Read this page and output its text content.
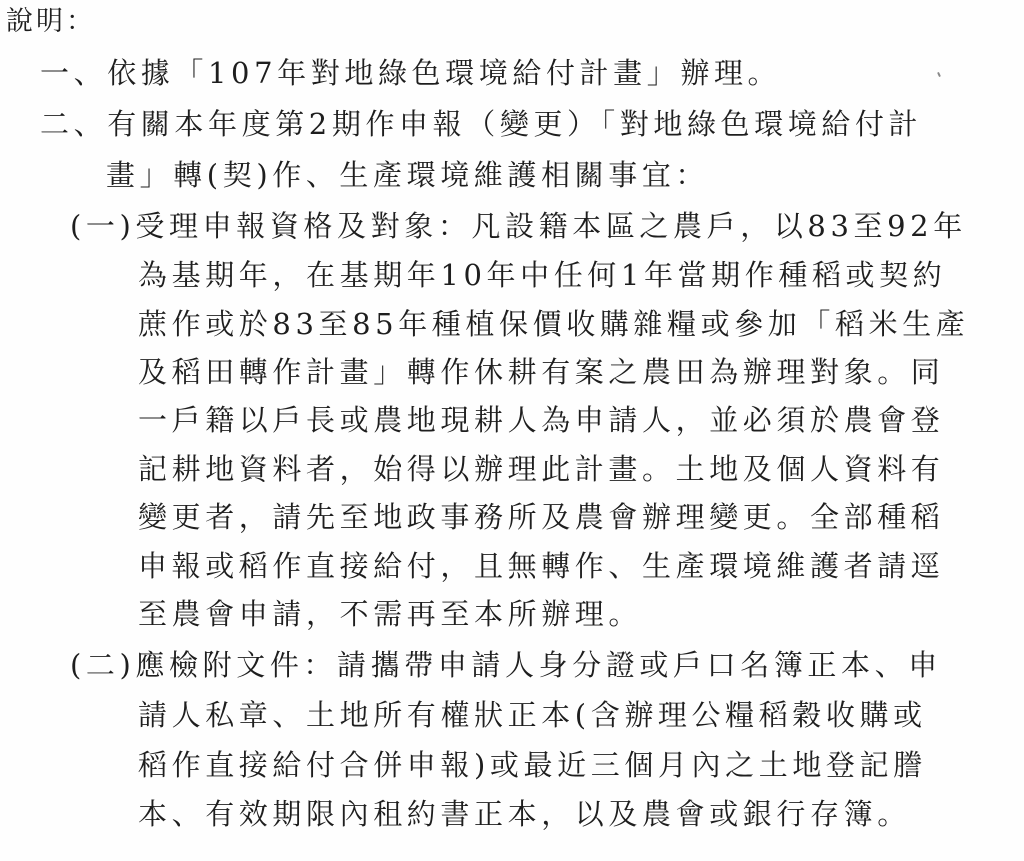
說明：
一、依據「107年對地綠色環境給付計畫」辦理。
二、有關本年度第2期作申報（變更）「對地綠色環境給付計
畫」轉(契)作、生產環境維護相關事宜：
(一)受理申報資格及對象：凡設籍本區之農戶，以83至92年
為基期年，在基期年10年中任何1年當期作種稻或契約
蔗作或於83至85年種植保價收購雜糧或參加「稻米生產
及稻田轉作計畫」轉作休耕有案之農田為辦理對象。同
一戶籍以戶長或農地現耕人為申請人，並必須於農會登
記耕地資料者，始得以辦理此計畫。土地及個人資料有
變更者，請先至地政事務所及農會辦理變更。全部種稻
申報或稻作直接給付，且無轉作、生產環境維護者請逕
至農會申請，不需再至本所辦理。
(二)應檢附文件：請攜帶申請人身分證或戶口名簿正本、申
請人私章、土地所有權狀正本(含辦理公糧稻穀收購或
稻作直接給付合併申報)或最近三個月內之土地登記謄
本、有效期限內租約書正本，以及農會或銀行存簿。
